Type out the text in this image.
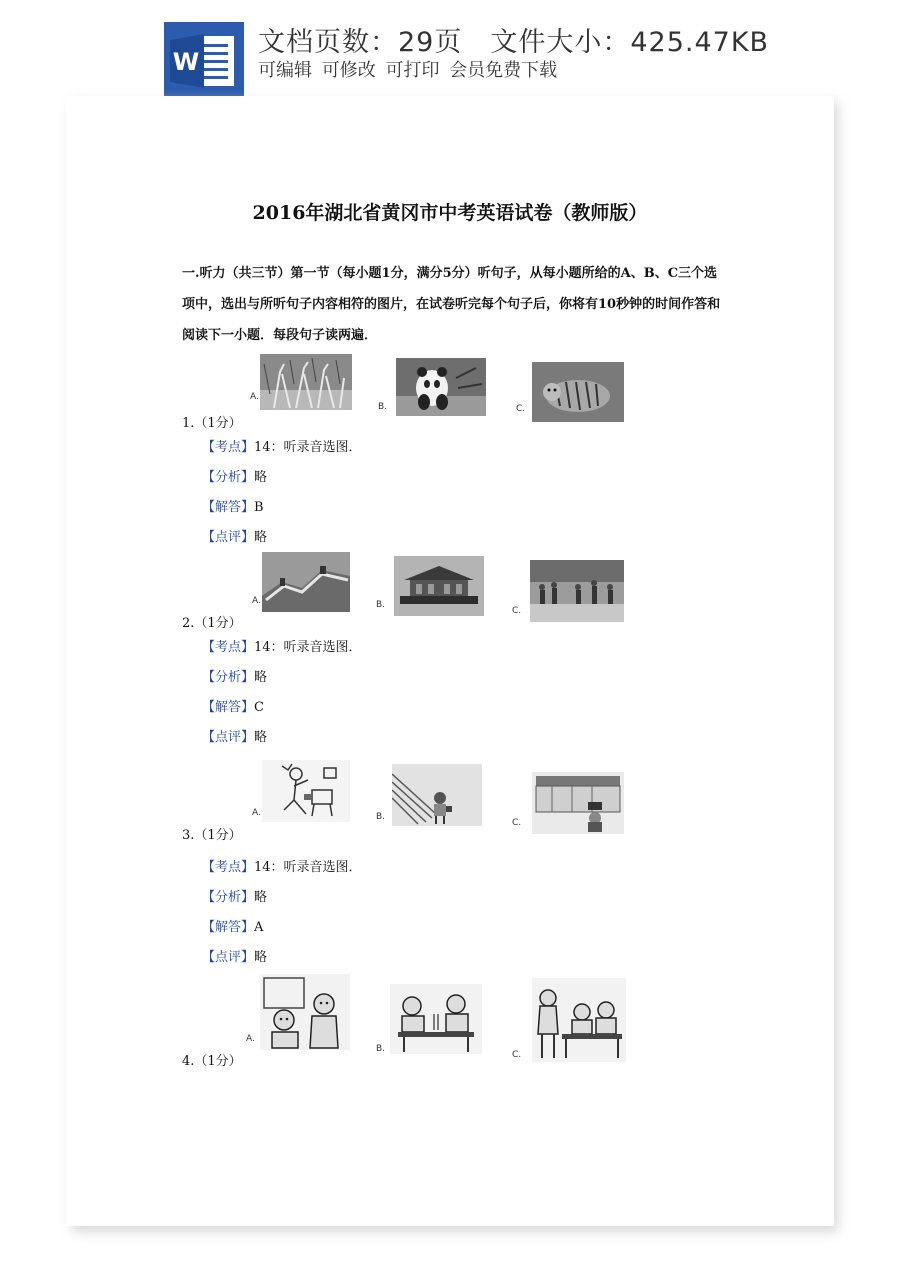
W
文档页数：29页 文件大小：425.47KB
可编辑 可修改 可打印 会员免费下载
2016年湖北省黄冈市中考英语试卷（教师版）
一.听力（共三节）第一节（每小题1分，满分5分）听句子，从每小题所给的A、B、C三个选项中，选出与所听句子内容相符的图片，在试卷听完每个句子后，你将有10秒钟的时间作答和阅读下一小题．每段句子读两遍．
A.
B.	C.
1.（1分）
【考点】14：听录音选图．
【分析】略
【解答】B
【点评】略
A.	B.
C.
2.（1分）
【考点】14：听录音选图．
【分析】略
【解答】C
【点评】略
A.	B.
C.
3.（1分）
【考点】14：听录音选图．
【分析】略
【解答】A
【点评】略
A.
B.
C.
4.（1分）
